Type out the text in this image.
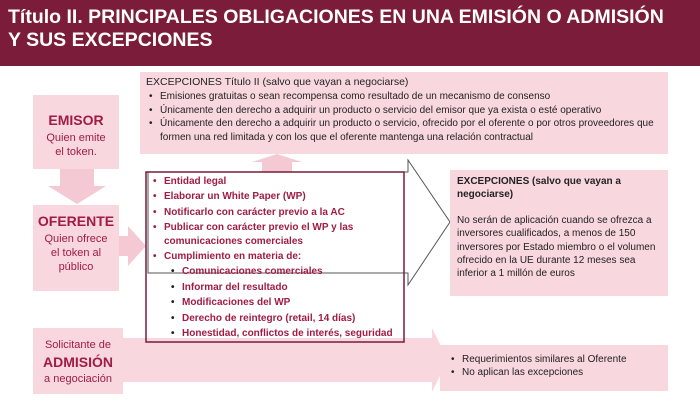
Título II. PRINCIPALES OBLIGACIONES EN UNA EMISIÓN O ADMISIÓN
Y SUS EXCEPCIONES
EMISOR
Quien emite
el token.
OFERENTE
Quien ofrece
el token al
público
Solicitante de
ADMISIÓN
a negociación
EXCEPCIONES Título II (salvo que vayan a negociarse)
• Emisiones gratuitas o sean recompensa como resultado de un mecanismo de consenso
• Únicamente den derecho a adquirir un producto o servicio del emisor que ya exista o esté operativo
• Únicamente den derecho a adquirir un producto o servicio, ofrecido por el oferente o por otros proveedores que formen una red limitada y con los que el oferente mantenga una relación contractual
• Entidad legal
• Elaborar un White Paper (WP)
• Notificarlo con carácter previo a la AC
• Publicar con carácter previo el WP y las comunicaciones comerciales
• Cumplimiento en materia de:
• Comunicaciones comerciales
• Informar del resultado
• Modificaciones del WP
• Derecho de reintegro (retail, 14 días)
• Honestidad, conflictos de interés, seguridad
EXCEPCIONES (salvo que vayan a negociarse)
No serán de aplicación cuando se ofrezca a inversores cualificados, a menos de 150 inversores por Estado miembro o el volumen ofrecido en la UE durante 12 meses sea inferior a 1 millón de euros
• Requerimientos similares al Oferente
• No aplican las excepciones
